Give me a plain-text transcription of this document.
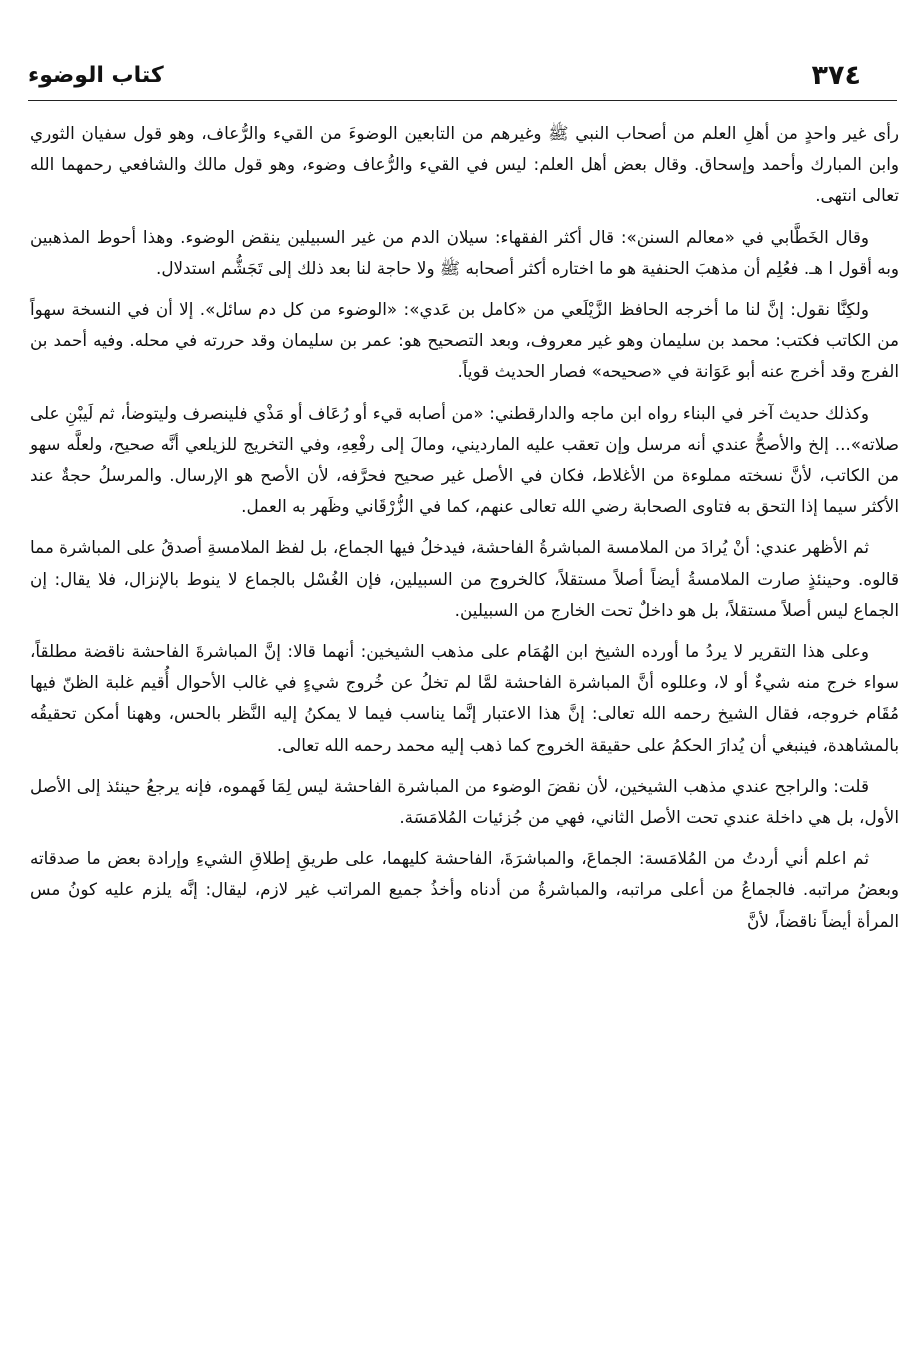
٣٧٤
كتاب الوضوء

رأى غير واحدٍ من أهلِ العلم من أصحاب النبي ﷺ وغيرهم من التابعين الوضوءَ من القيء والرُّعاف، وهو قول سفيان الثوري وابن المبارك وأحمد وإسحاق. وقال بعض أهل العلم: ليس في القيء والرُّعاف وضوء، وهو قول مالك والشافعي رحمهما الله تعالى انتهى.

وقال الخَطَّابي في «معالم السنن»: قال أكثر الفقهاء: سيلان الدم من غير السبيلين ينقض الوضوء. وهذا أحوط المذهبين وبه أقول ا هـ. فعُلِم أن مذهبَ الحنفية هو ما اختاره أكثر أصحابه ﷺ ولا حاجة لنا بعد ذلك إلى تَجَشُّم استدلال.

ولكِنَّا نقول: إنَّ لنا ما أخرجه الحافظ الزَّيْلَعي من «كامل بن عَدي»: «الوضوء من كل دم سائل». إلا أن في النسخة سهواً من الكاتب فكتب: محمد بن سليمان وهو غير معروف، وبعد التصحيح هو: عمر بن سليمان وقد حررته في محله. وفيه أحمد بن الفرج وقد أخرج عنه أبو عَوَانة في «صحيحه» فصار الحديث قوياً.

وكذلك حديث آخر في البناء رواه ابن ماجه والدارقطني: «من أصابه قيء أو رُعَاف أو مَذْي فلينصرف وليتوضأ، ثم لَيبْنِ على صلاته»... إلخ والأصحُّ عندي أنه مرسل وإن تعقب عليه المارديني، ومالَ إلى رفْعِهِ، وفي التخريج للزيلعي أنَّه صحيح، ولعلَّه سهو من الكاتب، لأنَّ نسخته مملوءة من الأغلاط، فكان في الأصل غير صحيح فحرَّفه، لأن الأصح هو الإرسال. والمرسلُ حجةٌ عند الأكثر سيما إذا التحق به فتاوى الصحابة رضي الله تعالى عنهم، كما في الزُّرْقَاني وظَهر به العمل.

ثم الأظهر عندي: أنْ يُرادَ من الملامسة المباشرةُ الفاحشة، فيدخلُ فيها الجماع، بل لفظ الملامسةِ أصدقُ على المباشرة مما قالوه. وحينئذٍ صارت الملامسةُ أيضاً أصلاً مستقلاً، كالخروج من السبيلين، فإن الغُسْل بالجماع لا ينوط بالإنزال، فلا يقال: إن الجماع ليس أصلاً مستقلاً، بل هو داخلٌ تحت الخارج من السبيلين.

وعلى هذا التقرير لا يردُ ما أورده الشيخ ابن الهُمَام على مذهب الشيخين: أنهما قالا: إنَّ المباشرةَ الفاحشة ناقضة مطلقاً، سواء خرج منه شيءٌ أو لا، وعللوه أنَّ المباشرة الفاحشة لمَّا لم تخلُ عن خُروج شيءٍ في غالب الأحوال أُقيم غلبة الظنّ فيها مُقَام خروجه، فقال الشيخ رحمه الله تعالى: إنَّ هذا الاعتبار إنَّما يناسب فيما لا يمكنُ إليه النَّظر بالحس، وههنا أمكن تحقيقُه بالمشاهدة، فينبغي أن يُدارَ الحكمُ على حقيقة الخروج كما ذهب إليه محمد رحمه الله تعالى.

قلت: والراجح عندي مذهب الشيخين، لأن نقضَ الوضوء من المباشرة الفاحشة ليس لِمَا فَهموه، فإنه يرجعُ حينئذ إلى الأصل الأول، بل هي داخلة عندي تحت الأصل الثاني، فهي من جُزئيات المُلامَسَة.

ثم اعلم أني أردتُ من المُلامَسة: الجماعَ، والمباشرَةَ، الفاحشة كليهما، على طريقِ إطلاقِ الشيءِ وإرادة بعض ما صدقاته وبعضُ مراتبه. فالجماعُ من أعلى مراتبه، والمباشرةُ من أدناه وأخذُ جميع المراتب غير لازم، ليقال: إنَّه يلزم عليه كونُ مس المرأة أيضاً ناقضاً، لأنَّ
